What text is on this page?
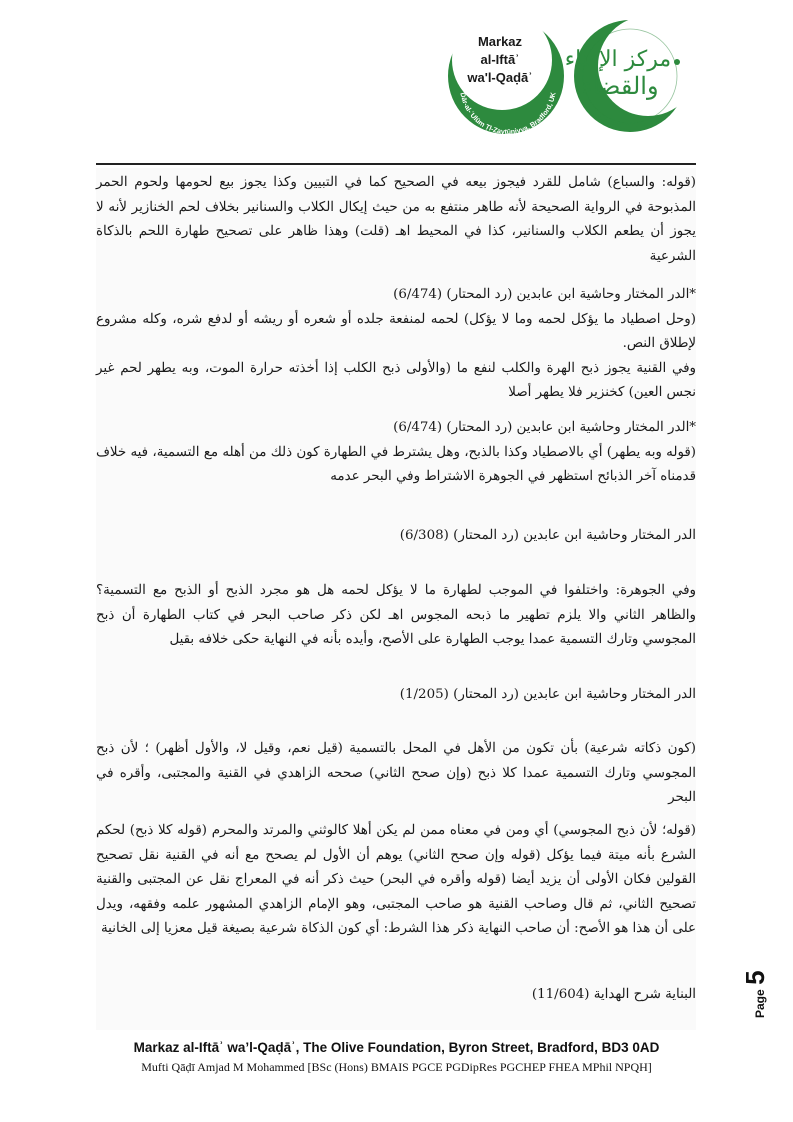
مركز الإفتاء
والقضاء
Markaz
al-Iftāʾ
wa'l-Qaḍāʾ
Dār-al-ʿUlūm Ṭl-Zaytūniyya, Bradford, UK

(قوله: والسباع) شامل للقرد فيجوز بيعه في الصحيح كما في التبيين وكذا يجوز بيع لحومها ولحوم الحمر المذبوحة في الرواية الصحيحة لأنه طاهر منتفع به من حيث إيكال الكلاب والسنانير بخلاف لحم الخنازير لأنه لا يجوز أن يطعم الكلاب والسنانير، كذا في المحيط اهـ (قلت) وهذا ظاهر على تصحيح طهارة اللحم بالذكاة الشرعية

*الدر المختار وحاشية ابن عابدين (رد المحتار) (6/474)

(وحل اصطياد ما يؤكل لحمه وما لا يؤكل) لحمه لمنفعة جلده أو شعره أو ريشه أو لدفع شره، وكله مشروع لإطلاق النص.

وفي القنية يجوز ذبح الهرة والكلب لنفع ما (والأولى ذبح الكلب إذا أخذته حرارة الموت، وبه يطهر لحم غير نجس العين) كخنزير فلا يطهر أصلا

*الدر المختار وحاشية ابن عابدين (رد المحتار) (6/474)

(قوله وبه يطهر) أي بالاصطياد وكذا بالذبح، وهل يشترط في الطهارة كون ذلك من أهله مع التسمية، فيه خلاف قدمناه آخر الذبائح استظهر في الجوهرة الاشتراط وفي البحر عدمه

الدر المختار وحاشية ابن عابدين (رد المحتار) (6/308)

وفي الجوهرة: واختلفوا في الموجب لطهارة ما لا يؤكل لحمه هل هو مجرد الذبح أو الذبح مع التسمية؟ والظاهر الثاني والا يلزم تطهير ما ذبحه المجوس اهـ لكن ذكر صاحب البحر في كتاب الطهارة أن ذبح المجوسي وتارك التسمية عمدا يوجب الطهارة على الأصح، وأيده بأنه في النهاية حكى خلافه بقيل

الدر المختار وحاشية ابن عابدين (رد المحتار) (1/205)

(كون ذكاته شرعية) بأن تكون من الأهل في المحل بالتسمية (قيل نعم، وقيل لا، والأول أظهر) ؛ لأن ذبح المجوسي وتارك التسمية عمدا كلا ذبح (وإن صحح الثاني) صححه الزاهدي في القنية والمجتبى، وأقره في البحر

(قوله؛ لأن ذبح المجوسي) أي ومن في معناه ممن لم يكن أهلا كالوثني والمرتد والمحرم (قوله كلا ذبح) لحكم الشرع بأنه ميتة فيما يؤكل (قوله وإن صحح الثاني) يوهم أن الأول لم يصحح مع أنه في القنية نقل تصحيح القولين فكان الأولى أن يزيد أيضا (قوله وأقره في البحر) حيث ذكر أنه في المعراج نقل عن المجتبى والقنية تصحيح الثاني، ثم قال وصاحب القنية هو صاحب المجتبى، وهو الإمام الزاهدي المشهور علمه وفقهه، ويدل على أن هذا هو الأصح: أن صاحب النهاية ذكر هذا الشرط: أي كون الذكاة شرعية بصيغة قيل معزيا إلى الخانية

البناية شرح الهداية (11/604)	Page 5
Markaz al-Iftāʾ wa’l-Qaḍāʾ, The Olive Foundation, Byron Street, Bradford, BD3 0AD
Mufti Qāḍī Amjad M Mohammed [BSc (Hons) BMAIS PGCE PGDipRes PGCHEP FHEA MPhil NPQH]
